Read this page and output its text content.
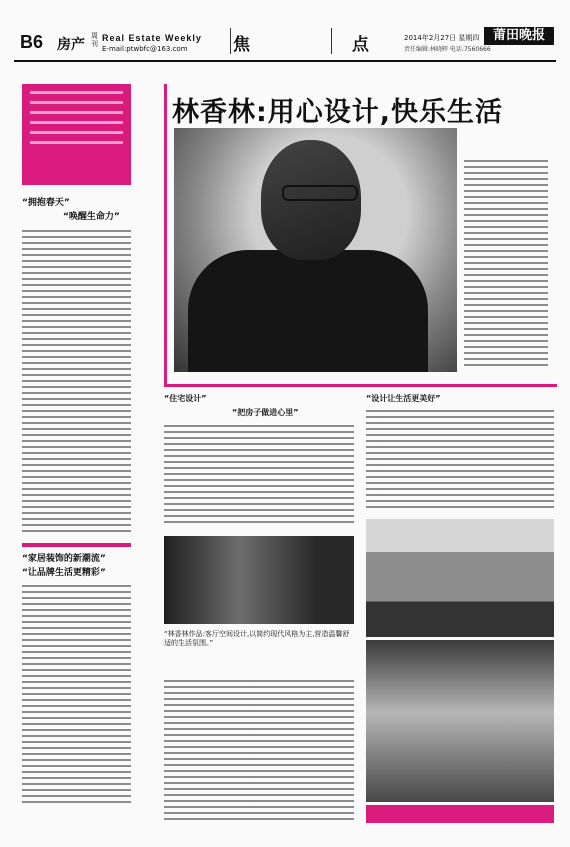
B6 房产
周刊
Real Estate Weekly
E-mail:ptwbfc@163.com	焦 点
2014年2月27日 星期四
责任编辑:林晓晖 电话:7560666
莆田晚报
“拥抱春天”
“唤醒生命力”
“家居装饰的新潮流”
“让品牌生活更精彩”
林香林:用心设计,快乐生活
“住宅设计”
“把房子做进心里”
“林香林作品:客厅空间设计,以简约现代风格为主,营造温馨舒适的生活氛围。”
“设计让生活更美好”
